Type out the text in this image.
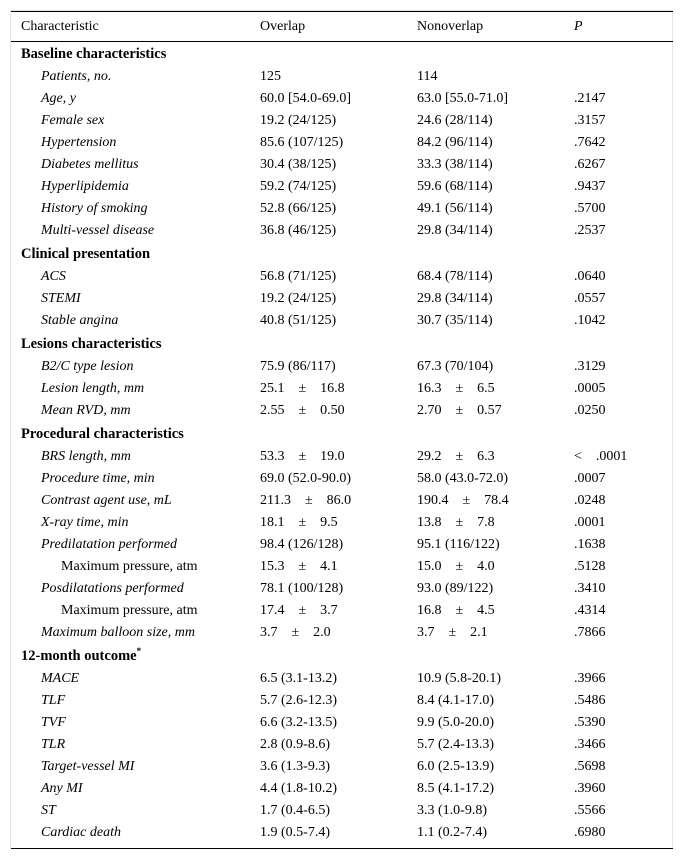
Characteristic	Overlap	Nonoverlap	P
Baseline characteristics
Patients, no.	125	114
Age, y	60.0 [54.0-69.0]	63.0 [55.0-71.0]	.2147
Female sex	19.2 (24/125)	24.6 (28/114)	.3157
Hypertension	85.6 (107/125)	84.2 (96/114)	.7642
Diabetes mellitus	30.4 (38/125)	33.3 (38/114)	.6267
Hyperlipidemia	59.2 (74/125)	59.6 (68/114)	.9437
History of smoking	52.8 (66/125)	49.1 (56/114)	.5700
Multi-vessel disease	36.8 (46/125)	29.8 (34/114)	.2537
Clinical presentation
ACS	56.8 (71/125)	68.4 (78/114)	.0640
STEMI	19.2 (24/125)	29.8 (34/114)	.0557
Stable angina	40.8 (51/125)	30.7 (35/114)	.1042
Lesions characteristics
B2/C type lesion	75.9 (86/117)	67.3 (70/104)	.3129
Lesion length, mm	25.1    ±    16.8	16.3    ±    6.5	.0005
Mean RVD, mm	2.55    ±    0.50	2.70    ±    0.57	.0250
Procedural characteristics
BRS length, mm	53.3    ±    19.0	29.2    ±    6.3	<    .0001
Procedure time, min	69.0 (52.0-90.0)	58.0 (43.0-72.0)	.0007
Contrast agent use, mL	211.3    ±    86.0	190.4    ±    78.4	.0248
X-ray time, min	18.1    ±    9.5	13.8    ±    7.8	.0001
Predilatation performed	98.4 (126/128)	95.1 (116/122)	.1638
Maximum pressure, atm	15.3    ±    4.1	15.0    ±    4.0	.5128
Posdilatations performed	78.1 (100/128)	93.0 (89/122)	.3410
Maximum pressure, atm	17.4    ±    3.7	16.8    ±    4.5	.4314
Maximum balloon size, mm	3.7    ±    2.0	3.7    ±    2.1	.7866
12-month outcome*
MACE	6.5 (3.1-13.2)	10.9 (5.8-20.1)	.3966
TLF	5.7 (2.6-12.3)	8.4 (4.1-17.0)	.5486
TVF	6.6 (3.2-13.5)	9.9 (5.0-20.0)	.5390
TLR	2.8 (0.9-8.6)	5.7 (2.4-13.3)	.3466
Target-vessel MI	3.6 (1.3-9.3)	6.0 (2.5-13.9)	.5698
Any MI	4.4 (1.8-10.2)	8.5 (4.1-17.2)	.3960
ST	1.7 (0.4-6.5)	3.3 (1.0-9.8)	.5566
Cardiac death	1.9 (0.5-7.4)	1.1 (0.2-7.4)	.6980
